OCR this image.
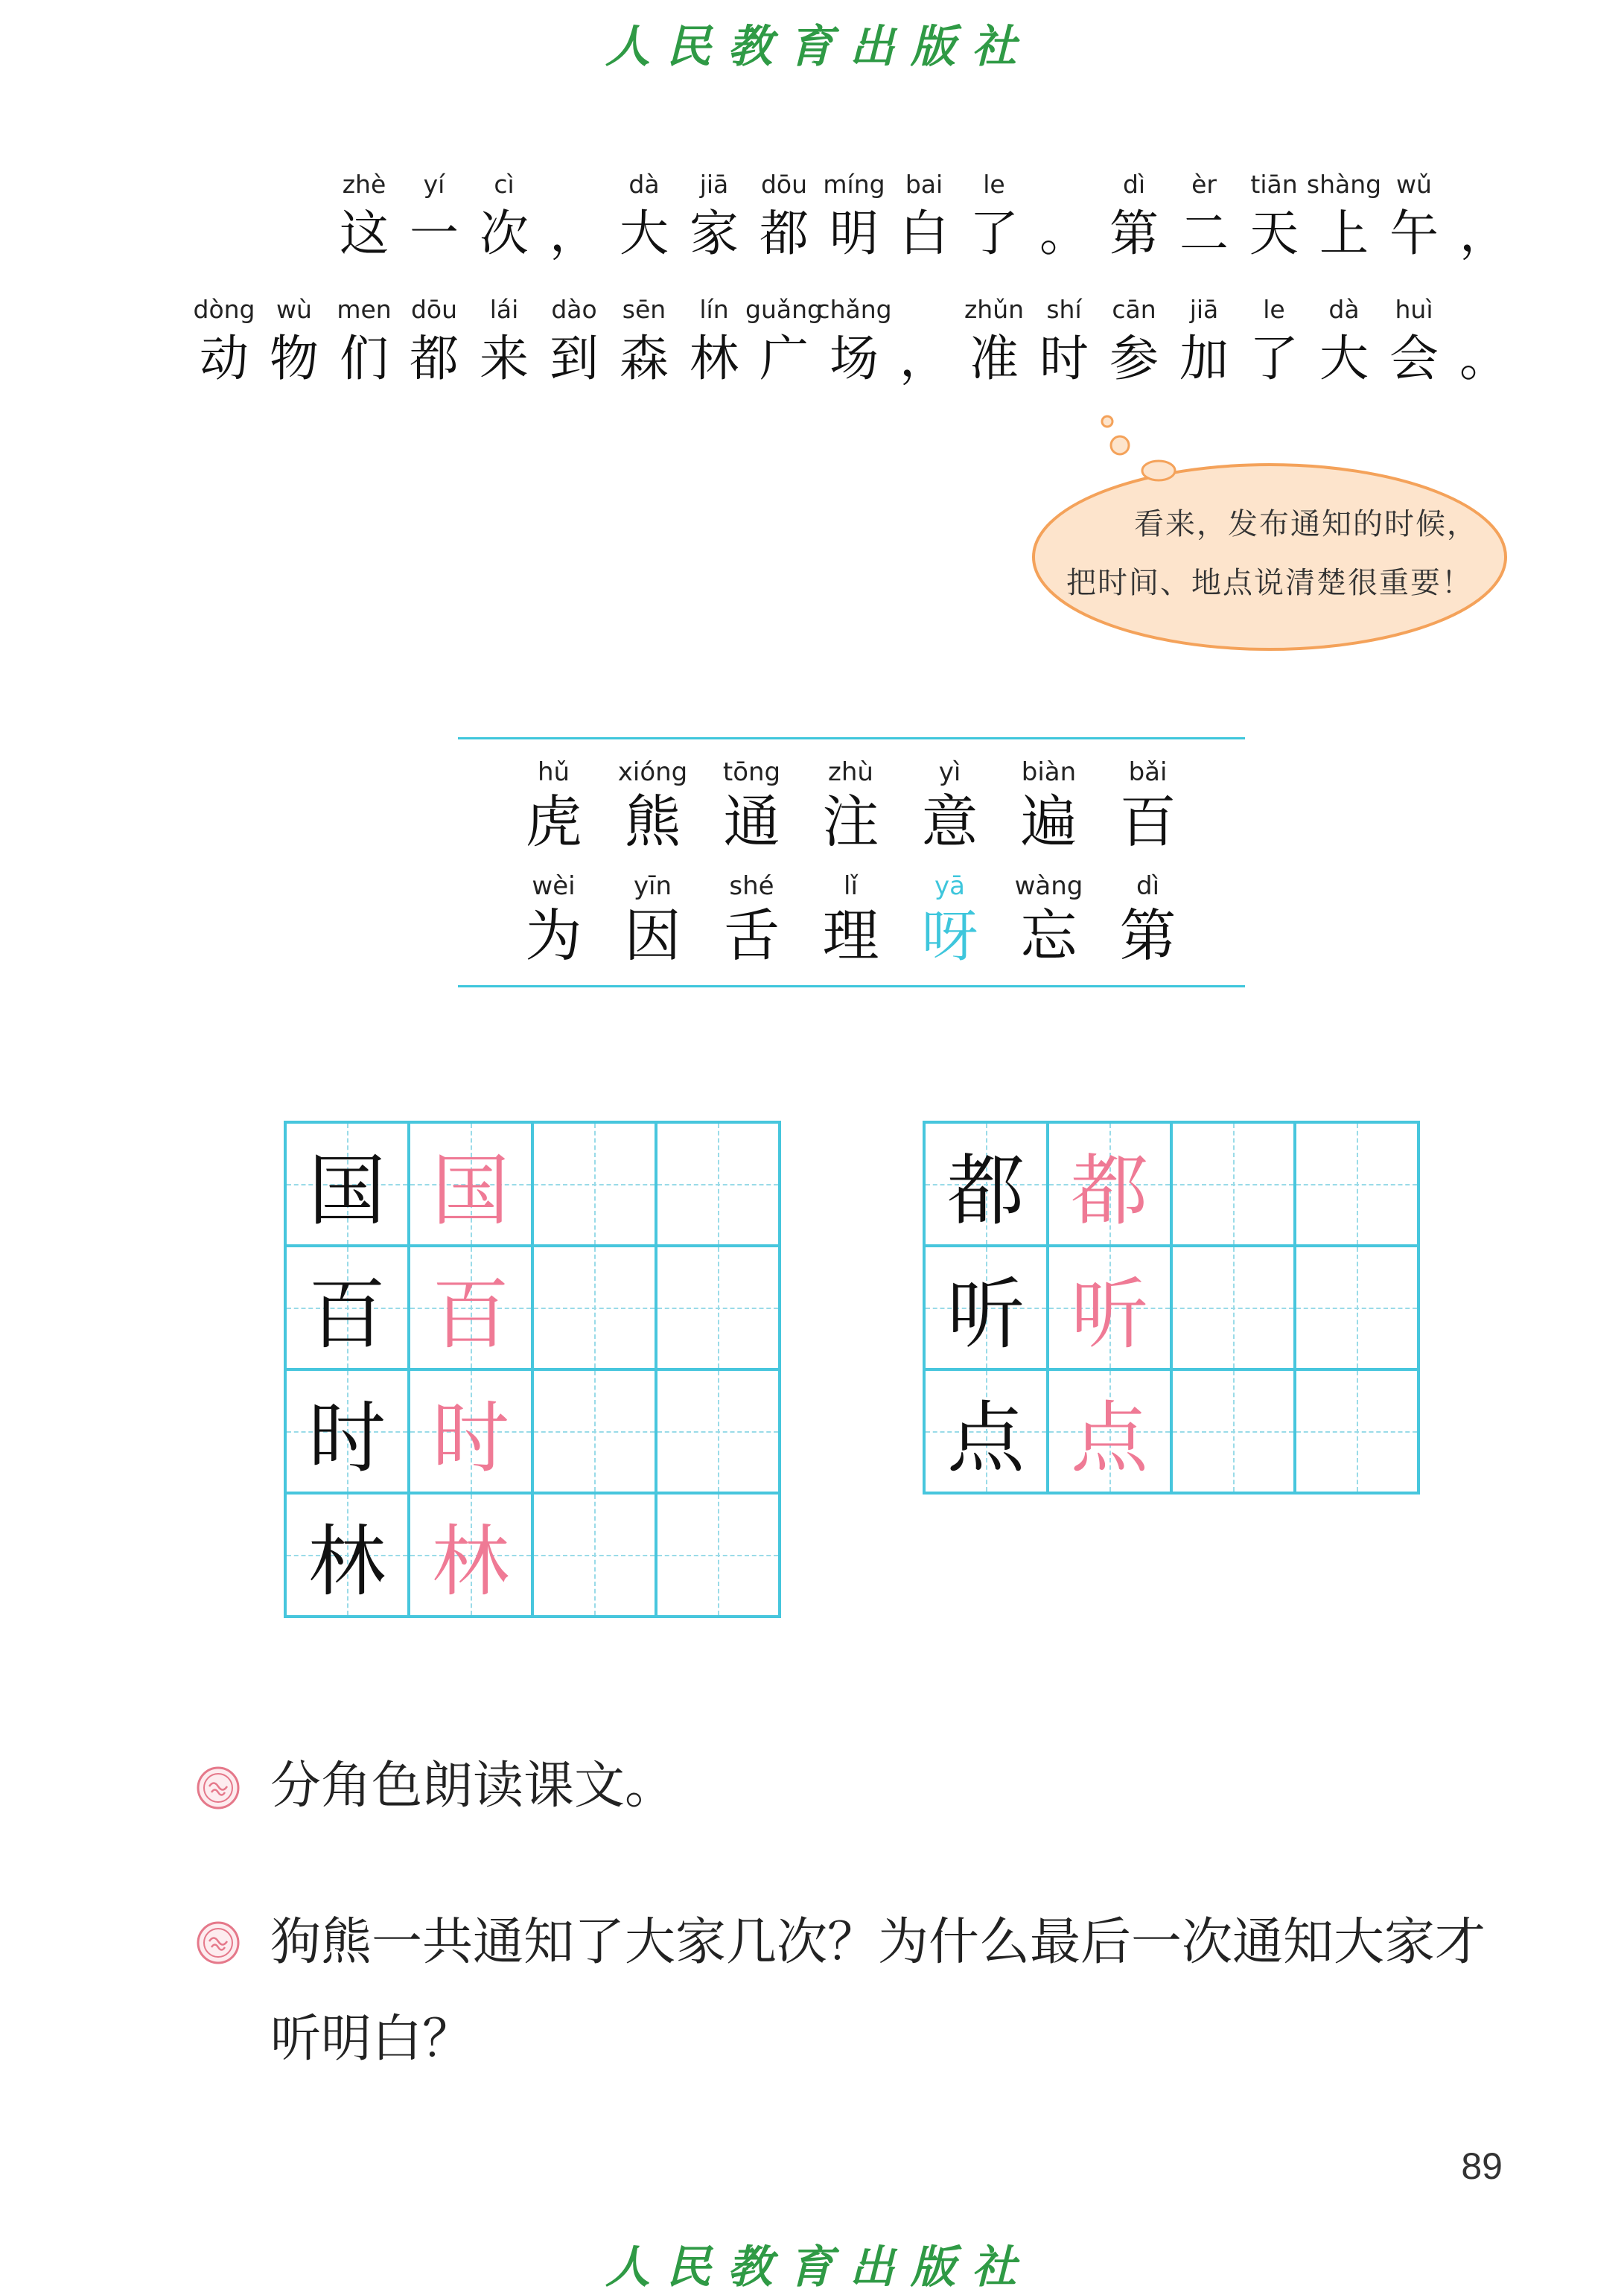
人民教育出版社
zhè
这
yí
一
cì
次 ，
dà
大
jiā
家
dōu
都
míng
明
bai
白
le
了 。
dì
第
èr
二
tiān
天
shàng
上
wǔ
午 ，
dòng
动
wù
物
men
们
dōu
都
lái
来
dào
到
sēn
森
lín
林
guǎng
广
chǎng
场 ，
zhǔn
准
shí
时
cān
参
jiā
加
le
了
dà
大
huì
会 。
看来，发布通知的时候，
把时间、地点说清楚很重要！
hǔ
虎
xióng
熊
tōng
通
zhù
注
yì
意
biàn
遍
bǎi
百
wèi
为
yīn
因
shé
舌
lǐ
理
yā
呀
wàng
忘
dì
第
国 国
百 百
时 时
林 林
都 都
听 听
点 点
分角色朗读课文。
狗熊一共通知了大家几次？为什么最后一次通知大家才听明白？
89
人民教育出版社
